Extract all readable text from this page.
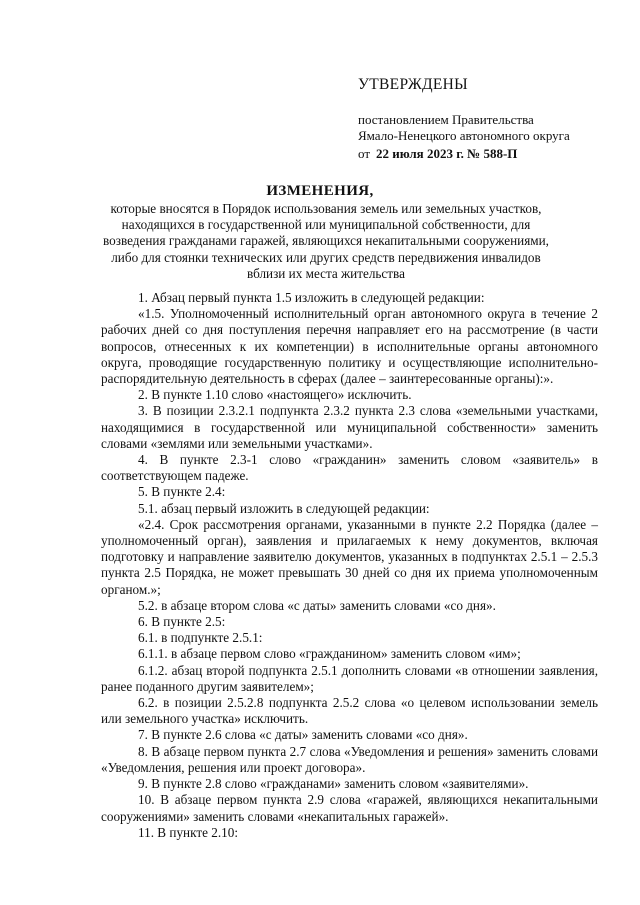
УТВЕРЖДЕНЫ
постановлением Правительства
Ямало-Ненецкого автономного округа
от 22 июля 2023 г. № 588-П
ИЗМЕНЕНИЯ,
которые вносятся в Порядок использования земель или земельных участков, находящихся в государственной или муниципальной собственности, для возведения гражданами гаражей, являющихся некапитальными сооружениями, либо для стоянки технических или других средств передвижения инвалидов вблизи их места жительства

1. Абзац первый пункта 1.5 изложить в следующей редакции:

«1.5. Уполномоченный исполнительный орган автономного округа в течение 2 рабочих дней со дня поступления перечня направляет его на рассмотрение (в части вопросов, отнесенных к их компетенции) в исполнительные органы автономного округа, проводящие государственную политику и осуществляющие исполнительно-распорядительную деятельность в сферах (далее – заинтересованные органы):».

2. В пункте 1.10 слово «настоящего» исключить.

3. В позиции 2.3.2.1 подпункта 2.3.2 пункта 2.3 слова «земельными участками, находящимися в государственной или муниципальной собственности» заменить словами «землями или земельными участками».

4. В пункте 2.3-1 слово «гражданин» заменить словом «заявитель» в соответствующем падеже.

5. В пункте 2.4:

5.1. абзац первый изложить в следующей редакции:

«2.4. Срок рассмотрения органами, указанными в пункте 2.2 Порядка (далее – уполномоченный орган), заявления и прилагаемых к нему документов, включая подготовку и направление заявителю документов, указанных в подпунктах 2.5.1 – 2.5.3 пункта 2.5 Порядка, не может превышать 30 дней со дня их приема уполномоченным органом.»;

5.2. в абзаце втором слова «с даты» заменить словами «со дня».

6. В пункте 2.5:

6.1. в подпункте 2.5.1:

6.1.1. в абзаце первом слово «гражданином» заменить словом «им»;

6.1.2. абзац второй подпункта 2.5.1 дополнить словами «в отношении заявления, ранее поданного другим заявителем»;

6.2. в позиции 2.5.2.8 подпункта 2.5.2 слова «о целевом использовании земель или земельного участка» исключить.

7. В пункте 2.6 слова «с даты» заменить словами «со дня».

8. В абзаце первом пункта 2.7 слова «Уведомления и решения» заменить словами «Уведомления, решения или проект договора».

9. В пункте 2.8 слово «гражданами» заменить словом «заявителями».

10. В абзаце первом пункта 2.9 слова «гаражей, являющихся некапитальными сооружениями» заменить словами «некапитальных гаражей».

11. В пункте 2.10:
